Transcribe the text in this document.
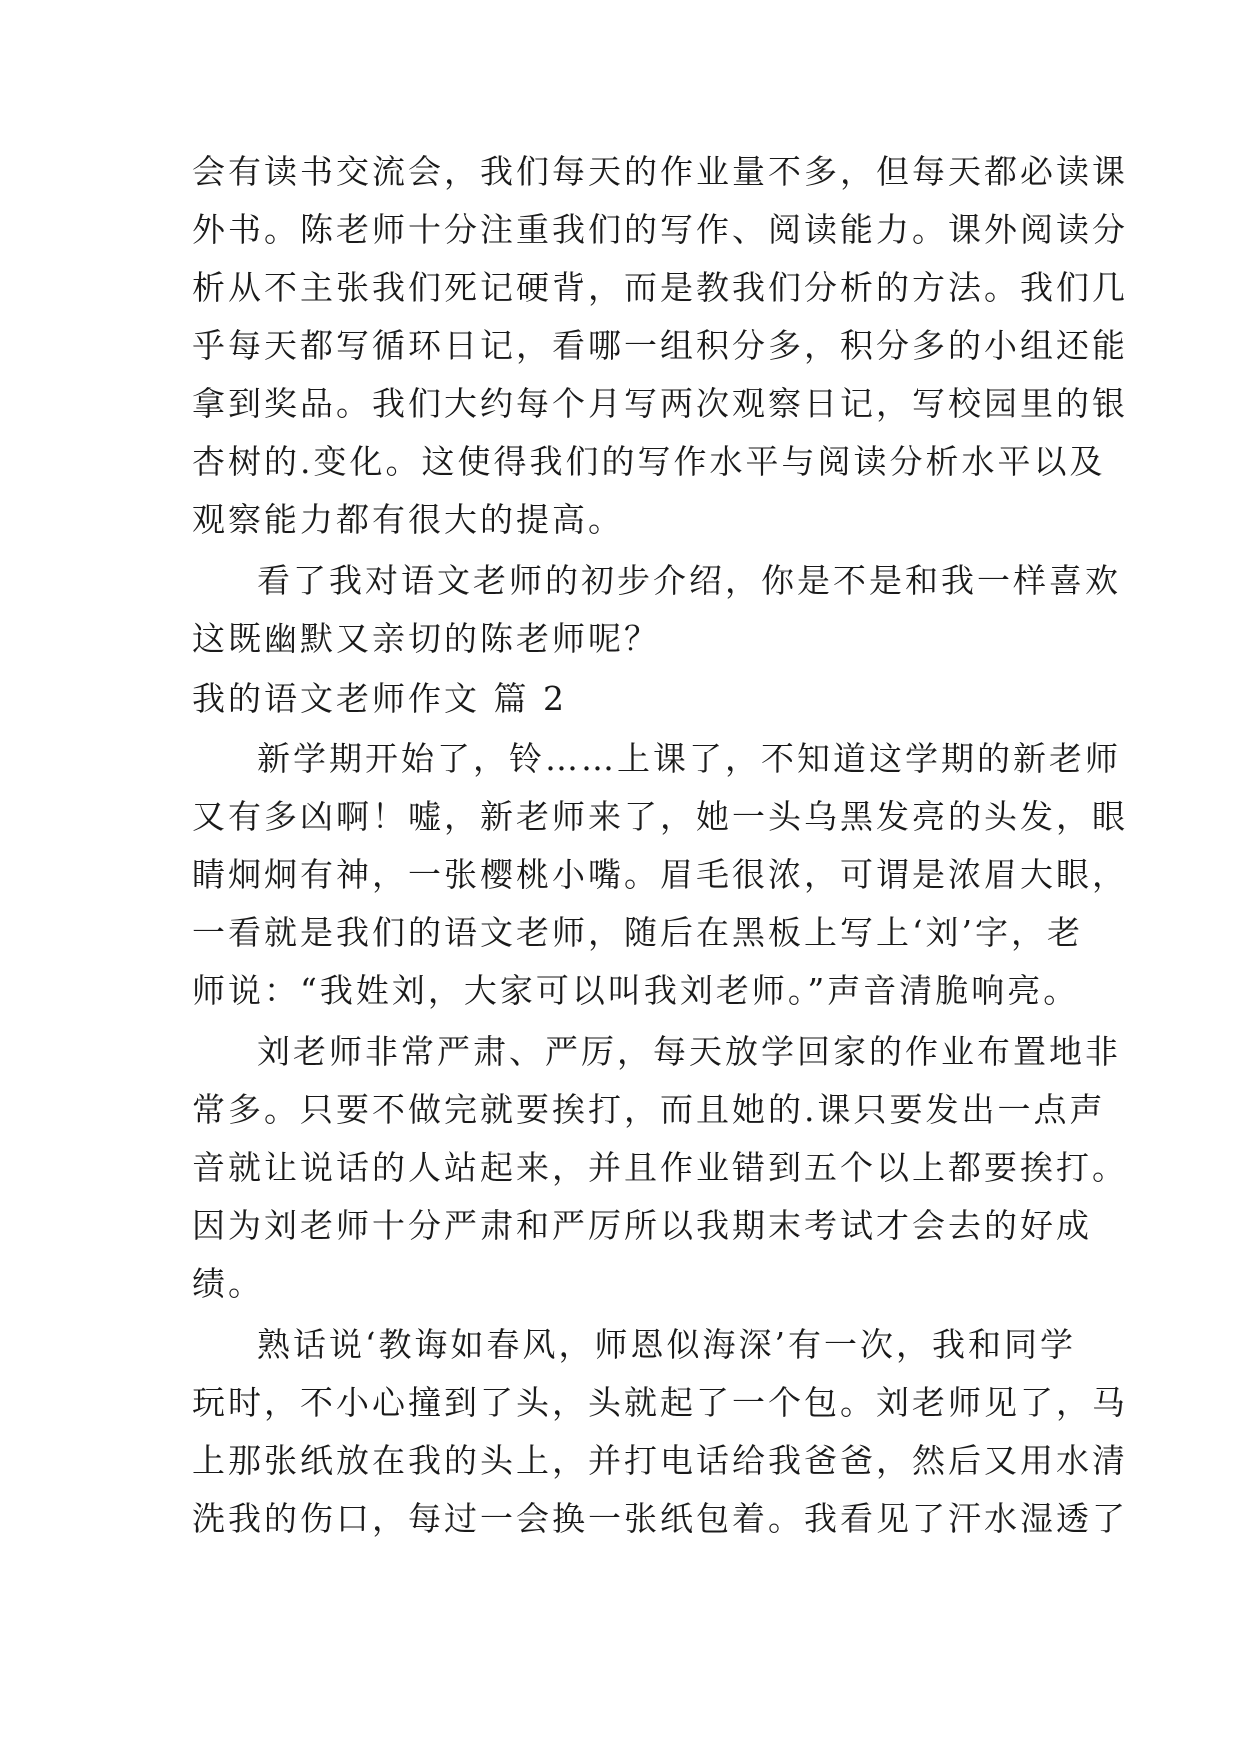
会有读书交流会，我们每天的作业量不多，但每天都必读课
外书。陈老师十分注重我们的写作、阅读能力。课外阅读分
析从不主张我们死记硬背，而是教我们分析的方法。我们几
乎每天都写循环日记，看哪一组积分多，积分多的小组还能
拿到奖品。我们大约每个月写两次观察日记，写校园里的银
杏树的.变化。这使得我们的写作水平与阅读分析水平以及
观察能力都有很大的提高。
看了我对语文老师的初步介绍，你是不是和我一样喜欢
这既幽默又亲切的陈老师呢？
我的语文老师作文 篇 2
新学期开始了，铃……上课了，不知道这学期的新老师
又有多凶啊！嘘，新老师来了，她一头乌黑发亮的头发，眼
睛炯炯有神，一张樱桃小嘴。眉毛很浓，可谓是浓眉大眼，
一看就是我们的语文老师，随后在黑板上写上‘刘’字，老
师说：“我姓刘，大家可以叫我刘老师。”声音清脆响亮。
刘老师非常严肃、严厉，每天放学回家的作业布置地非
常多。只要不做完就要挨打，而且她的.课只要发出一点声
音就让说话的人站起来，并且作业错到五个以上都要挨打。
因为刘老师十分严肃和严厉所以我期末考试才会去的好成
绩。
熟话说‘教诲如春风，师恩似海深’有一次，我和同学
玩时，不小心撞到了头，头就起了一个包。刘老师见了，马
上那张纸放在我的头上，并打电话给我爸爸，然后又用水清
洗我的伤口，每过一会换一张纸包着。我看见了汗水湿透了
